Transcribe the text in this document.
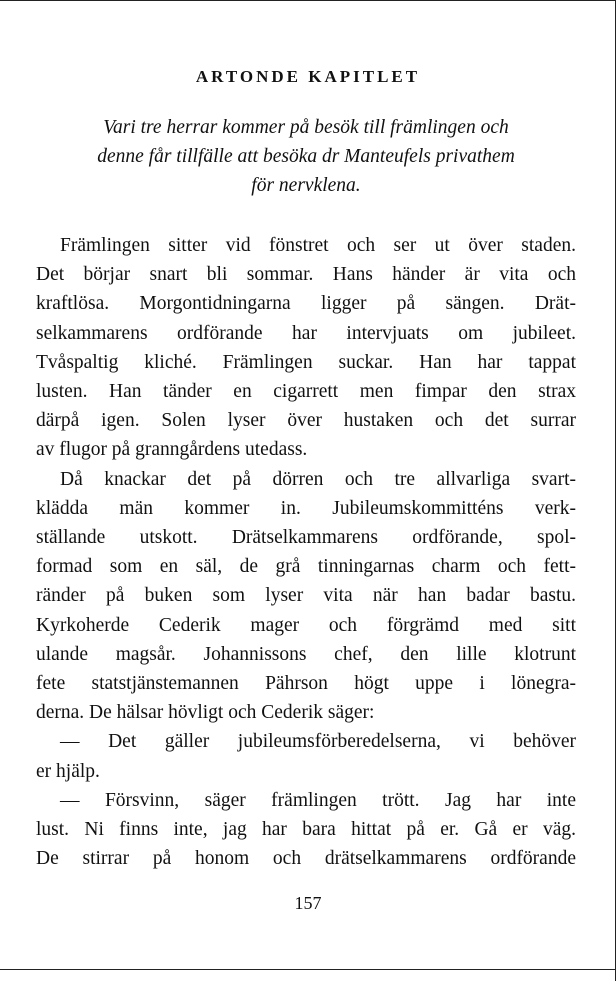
ARTONDE KAPITLET
Vari tre herrar kommer på besök till främlingen och
denne får tillfälle att besöka dr Manteufels privathem
för nervklena.
Främlingen sitter vid fönstret och ser ut över staden.
Det börjar snart bli sommar. Hans händer är vita och
kraftlösa. Morgontidningarna ligger på sängen. Drät-
selkammarens ordförande har intervjuats om jubileet.
Tvåspaltig kliché. Främlingen suckar. Han har tappat
lusten. Han tänder en cigarrett men fimpar den strax
därpå igen. Solen lyser över hustaken och det surrar
av flugor på granngårdens utedass.
Då knackar det på dörren och tre allvarliga svart-
klädda män kommer in. Jubileumskommitténs verk-
ställande utskott. Drätselkammarens ordförande, spol-
formad som en säl, de grå tinningarnas charm och fett-
ränder på buken som lyser vita när han badar bastu.
Kyrkoherde Cederik mager och förgrämd med sitt
ulande magsår. Johannissons chef, den lille klotrunt
fete statstjänstemannen Pährson högt uppe i lönegra-
derna. De hälsar hövligt och Cederik säger:
— Det gäller jubileumsförberedelserna, vi behöver
er hjälp.
— Försvinn, säger främlingen trött. Jag har inte
lust. Ni finns inte, jag har bara hittat på er. Gå er väg.
De stirrar på honom och drätselkammarens ordförande
157
